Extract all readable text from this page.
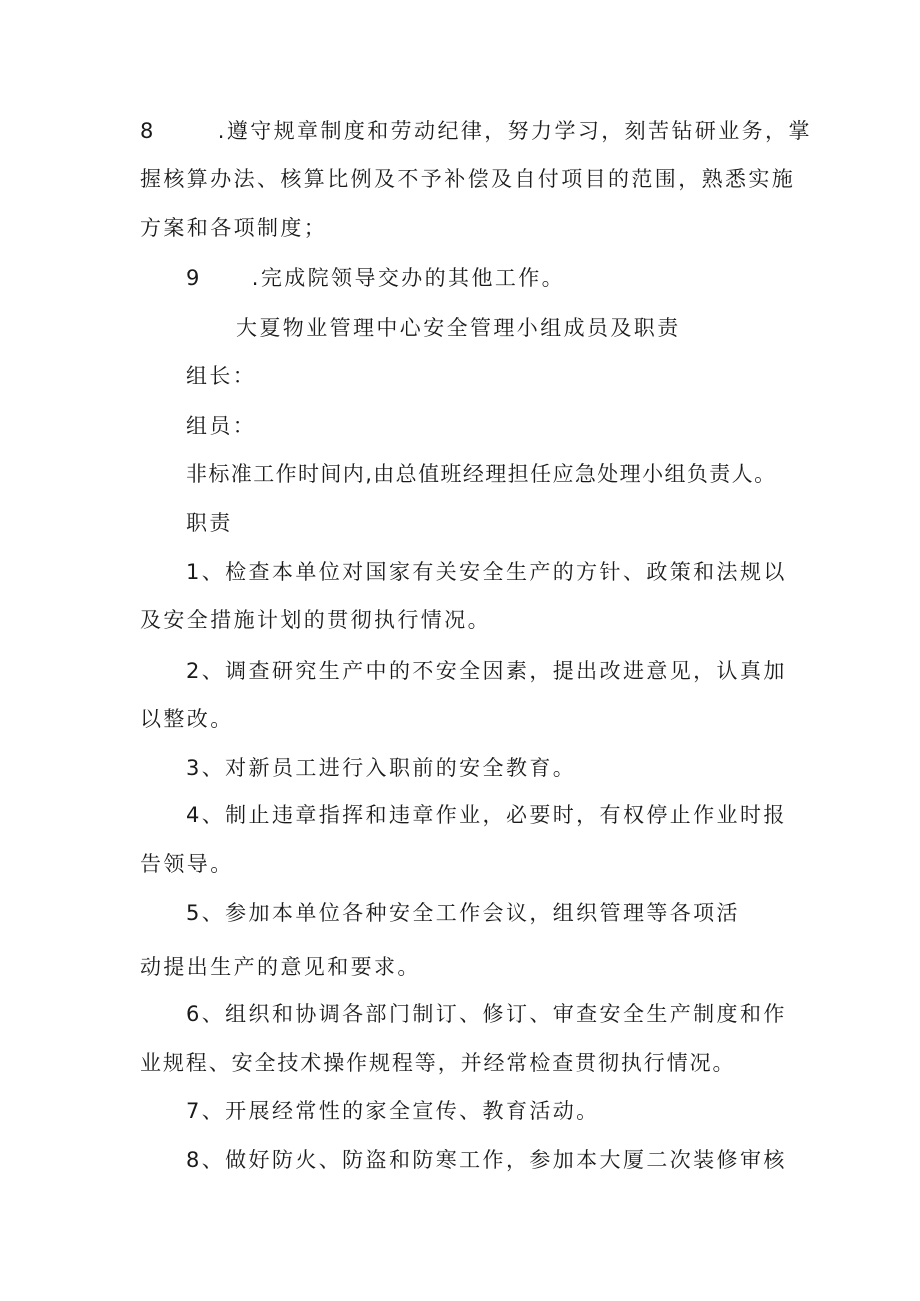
8	.遵守规章制度和劳动纪律，努力学习，刻苦钻研业务，掌
握核算办法、核算比例及不予补偿及自付项目的范围，熟悉实施
方案和各项制度；
9 .完成院领导交办的其他工作。
大夏物业管理中心安全管理小组成员及职责
组长：
组员：
非标准工作时间内,由总值班经理担任应急处理小组负责人。
职责
1、检查本单位对国家有关安全生产的方针、政策和法规以
及安全措施计划的贯彻执行情况。
2、调查研究生产中的不安全因素，提出改进意见，认真加
以整改。
3、对新员工进行入职前的安全教育。
4、制止违章指挥和违章作业，必要时，有权停止作业时报
告领导。
5、参加本单位各种安全工作会议，组织管理等各项活
动提出生产的意见和要求。
6、组织和协调各部门制订、修订、审查安全生产制度和作
业规程、安全技术操作规程等，并经常检查贯彻执行情况。
7、开展经常性的家全宣传、教育活动。
8、做好防火、防盗和防寒工作，参加本大厦二次装修审核
